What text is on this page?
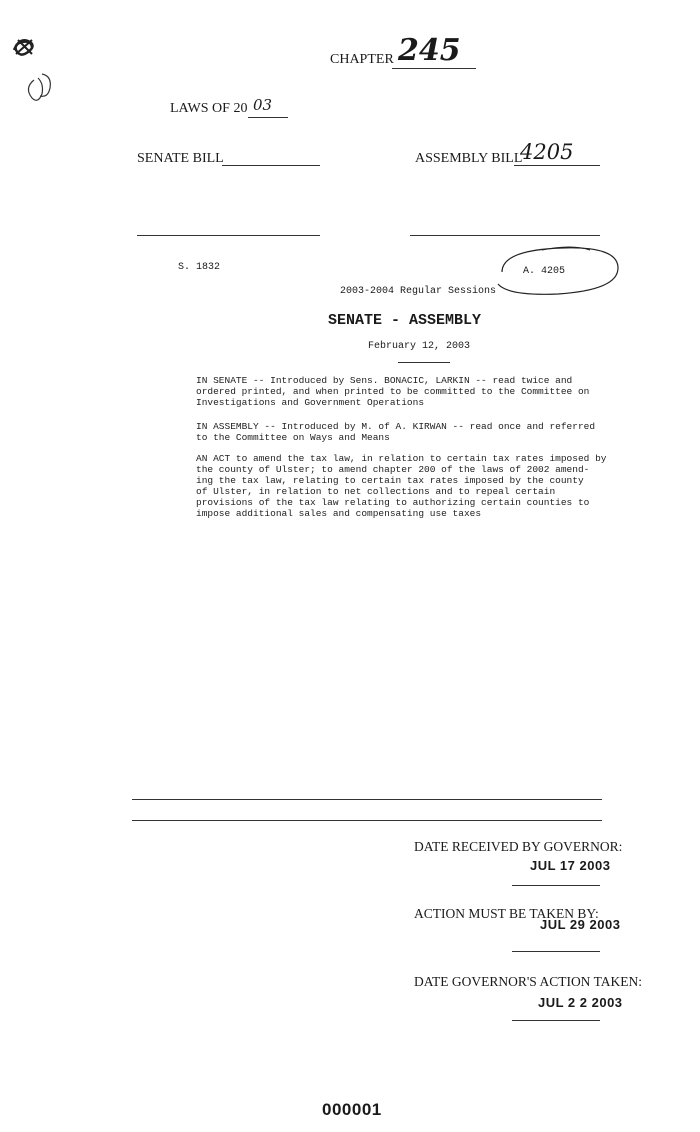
CHAPTER 245
LAWS OF 20 03
SENATE BILL	ASSEMBLY BILL
4205
S. 1832	A. 4205
2003-2004 Regular Sessions
SENATE - ASSEMBLY
February 12, 2003
IN SENATE -- Introduced by Sens. BONACIC, LARKIN -- read twice and
ordered printed, and when printed to be committed to the Committee on
Investigations and Government Operations
IN ASSEMBLY -- Introduced by M. of A. KIRWAN -- read once and referred
to the Committee on Ways and Means
AN ACT to amend the tax law, in relation to certain tax rates imposed by
the county of Ulster; to amend chapter 200 of the laws of 2002 amend-
ing the tax law, relating to certain tax rates imposed by the county
of Ulster, in relation to net collections and to repeal certain
provisions of the tax law relating to authorizing certain counties to
impose additional sales and compensating use taxes
DATE RECEIVED BY GOVERNOR:
JUL 17 2003
ACTION MUST BE TAKEN BY:
JUL 29 2003
DATE GOVERNOR'S ACTION TAKEN:
JUL 2 2 2003
000001
